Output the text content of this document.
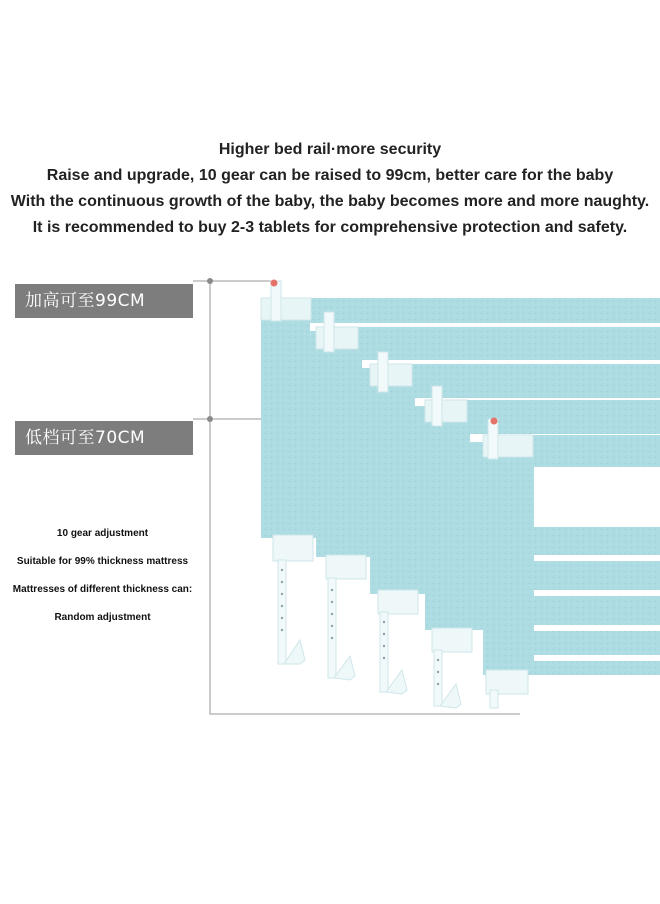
Higher bed rail·more security
Raise and upgrade, 10 gear can be raised to 99cm, better care for the baby
With the continuous growth of the baby, the baby becomes more and more naughty.
It is recommended to buy 2-3 tablets for comprehensive protection and safety.
加高可至99CM
低档可至70CM
10 gear adjustment
Suitable for 99% thickness mattress
Mattresses of different thickness can:
Random adjustment
